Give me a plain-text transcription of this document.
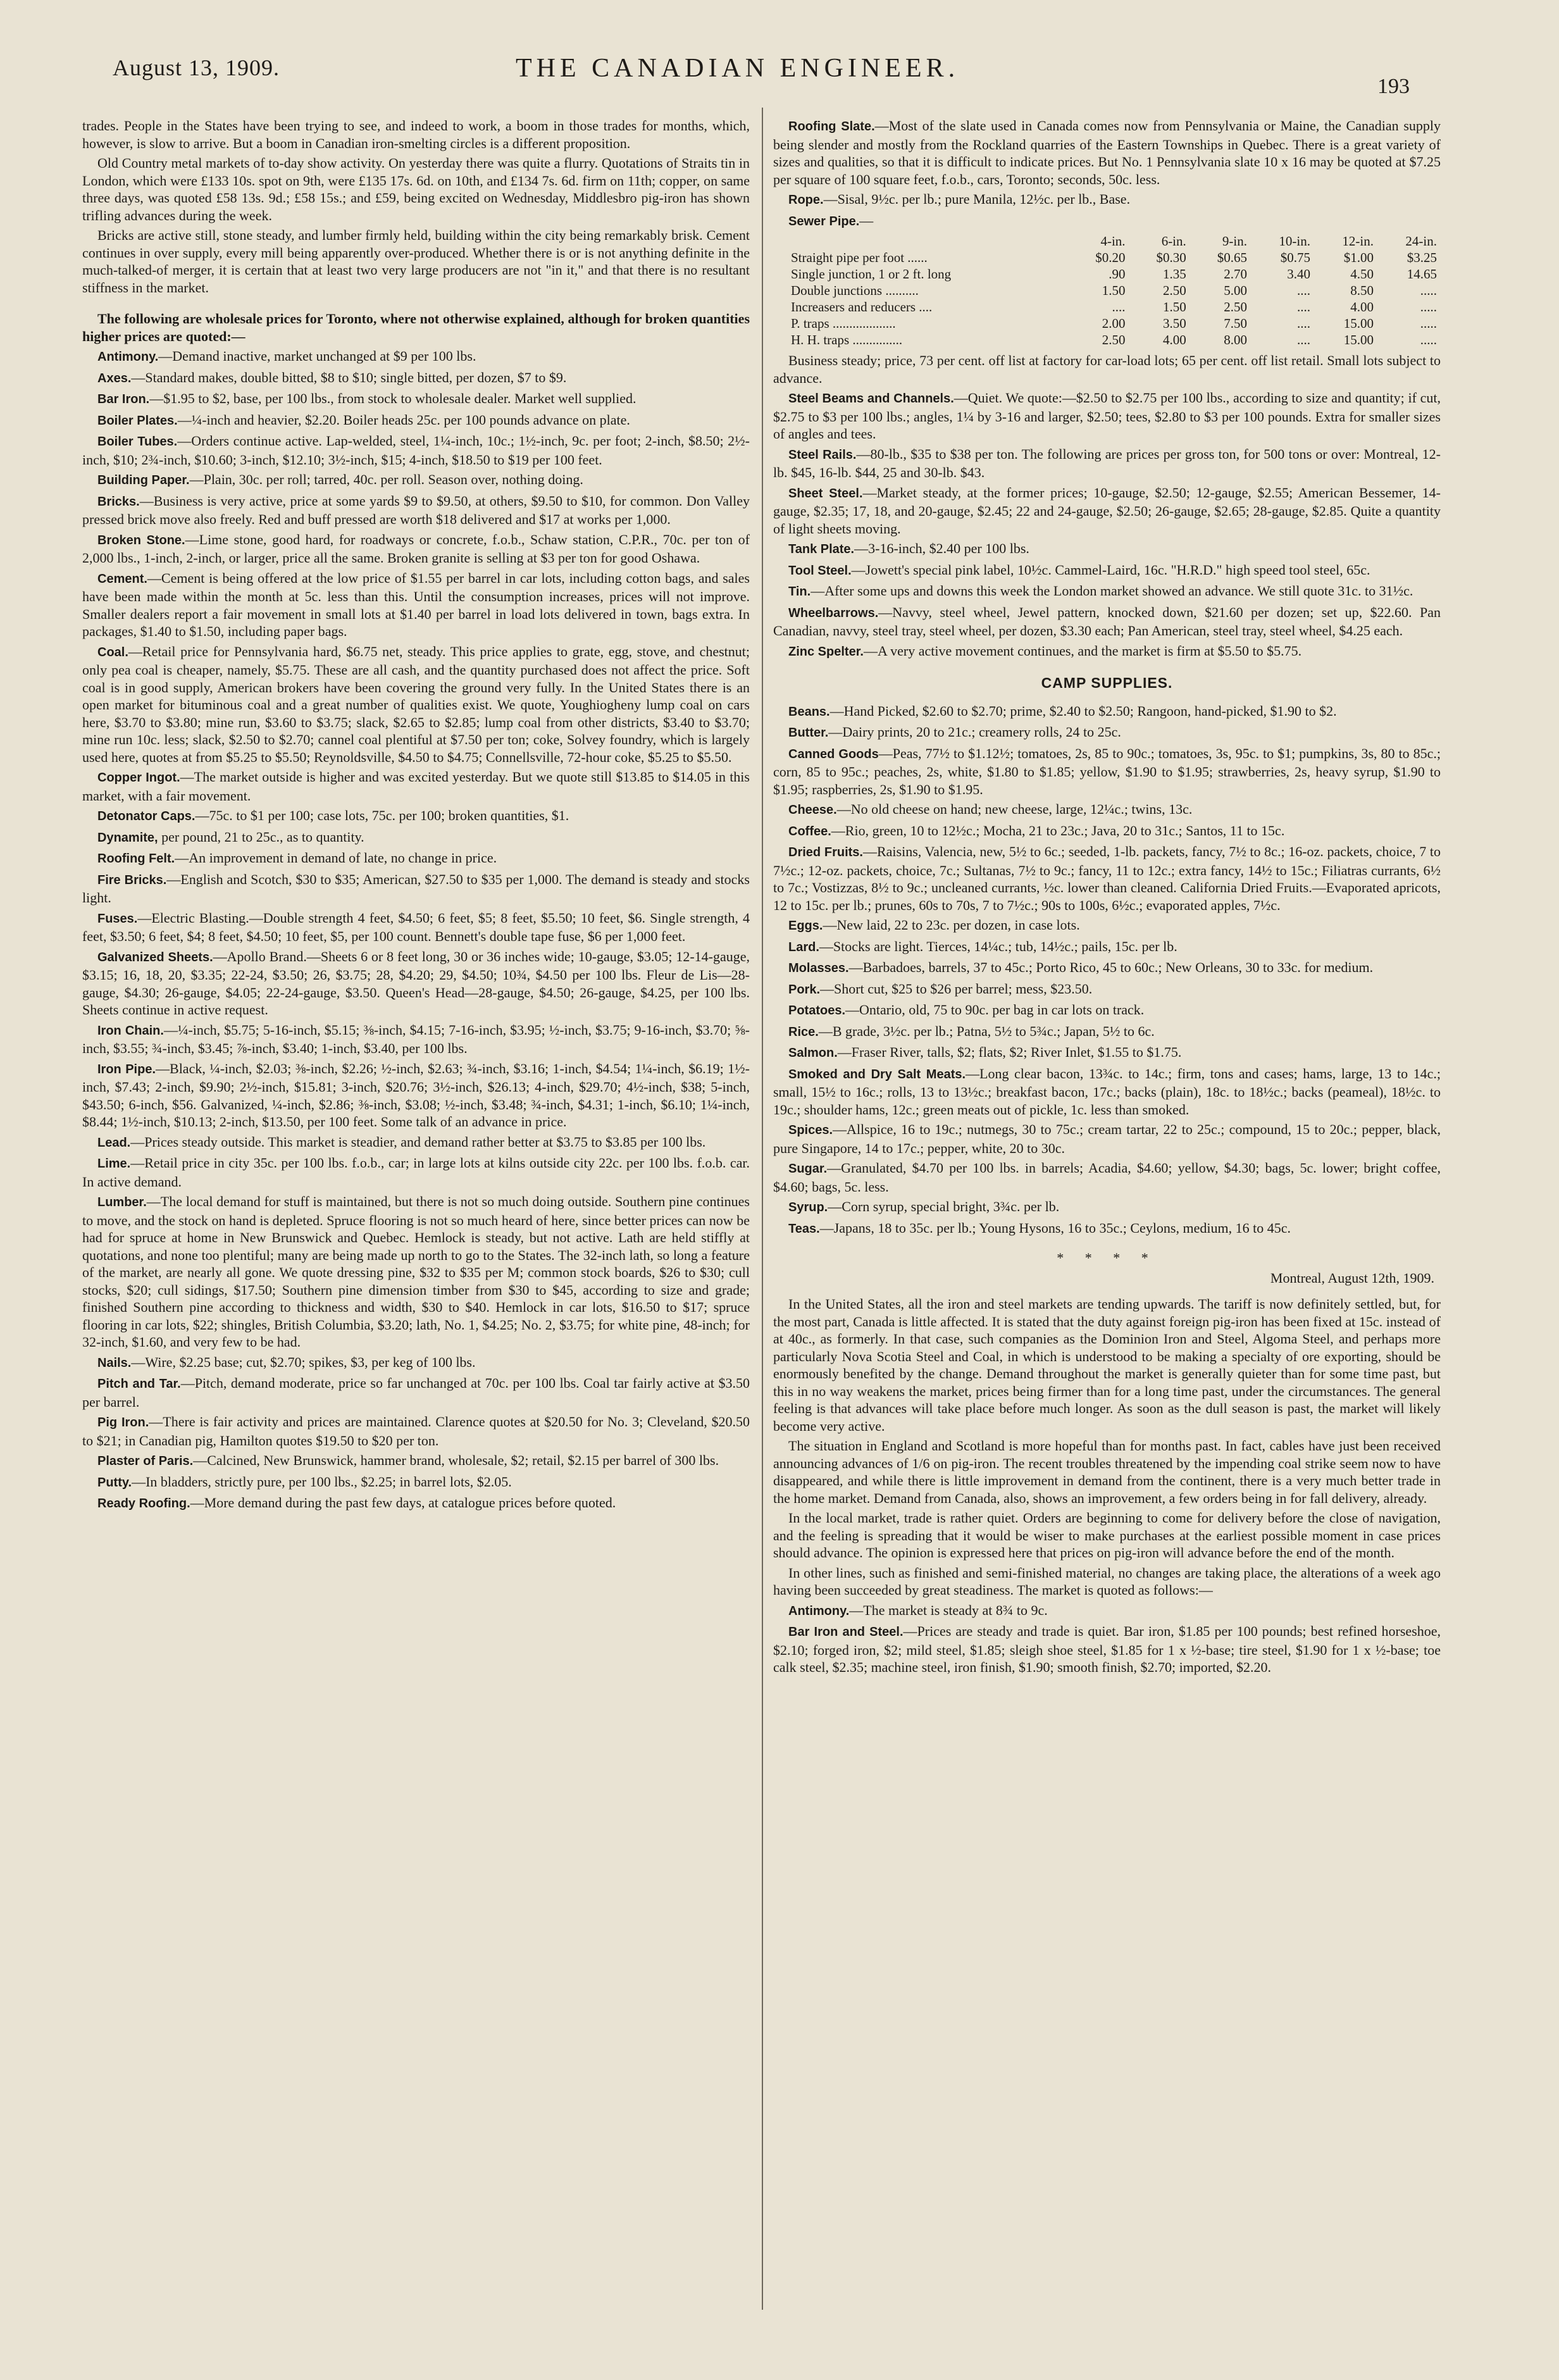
August 13, 1909.	THE CANADIAN ENGINEER.
193

trades. People in the States have been trying to see, and indeed to work, a boom in those trades for months, which, however, is slow to arrive. But a boom in Canadian iron-smelting circles is a different proposition.

Old Country metal markets of to-day show activity. On yesterday there was quite a flurry. Quotations of Straits tin in London, which were £133 10s. spot on 9th, were £135 17s. 6d. on 10th, and £134 7s. 6d. firm on 11th; copper, on same three days, was quoted £58 13s. 9d.; £58 15s.; and £59, being excited on Wednesday, Middlesbro pig-iron has shown trifling advances during the week.

Bricks are active still, stone steady, and lumber firmly held, building within the city being remarkably brisk. Cement continues in over supply, every mill being apparently over-produced. Whether there is or is not anything definite in the much-talked-of merger, it is certain that at least two very large producers are not "in it," and that there is no resultant stiffness in the market.

The following are wholesale prices for Toronto, where not otherwise explained, although for broken quantities higher prices are quoted:—

Antimony.—Demand inactive, market unchanged at $9 per 100 lbs.

Axes.—Standard makes, double bitted, $8 to $10; single bitted, per dozen, $7 to $9.

Bar Iron.—$1.95 to $2, base, per 100 lbs., from stock to wholesale dealer. Market well supplied.

Boiler Plates.—¼-inch and heavier, $2.20. Boiler heads 25c. per 100 pounds advance on plate.

Boiler Tubes.—Orders continue active. Lap-welded, steel, 1¼-inch, 10c.; 1½-inch, 9c. per foot; 2-inch, $8.50; 2½-inch, $10; 2¾-inch, $10.60; 3-inch, $12.10; 3½-inch, $15; 4-inch, $18.50 to $19 per 100 feet.

Building Paper.—Plain, 30c. per roll; tarred, 40c. per roll. Season over, nothing doing.

Bricks.—Business is very active, price at some yards $9 to $9.50, at others, $9.50 to $10, for common. Don Valley pressed brick move also freely. Red and buff pressed are worth $18 delivered and $17 at works per 1,000.

Broken Stone.—Lime stone, good hard, for roadways or concrete, f.o.b., Schaw station, C.P.R., 70c. per ton of 2,000 lbs., 1-inch, 2-inch, or larger, price all the same. Broken granite is selling at $3 per ton for good Oshawa.

Cement.—Cement is being offered at the low price of $1.55 per barrel in car lots, including cotton bags, and sales have been made within the month at 5c. less than this. Until the consumption increases, prices will not improve. Smaller dealers report a fair movement in small lots at $1.40 per barrel in load lots delivered in town, bags extra. In packages, $1.40 to $1.50, including paper bags.

Coal.—Retail price for Pennsylvania hard, $6.75 net, steady. This price applies to grate, egg, stove, and chestnut; only pea coal is cheaper, namely, $5.75. These are all cash, and the quantity purchased does not affect the price. Soft coal is in good supply, American brokers have been covering the ground very fully. In the United States there is an open market for bituminous coal and a great number of qualities exist. We quote, Youghiogheny lump coal on cars here, $3.70 to $3.80; mine run, $3.60 to $3.75; slack, $2.65 to $2.85; lump coal from other districts, $3.40 to $3.70; mine run 10c. less; slack, $2.50 to $2.70; cannel coal plentiful at $7.50 per ton; coke, Solvey foundry, which is largely used here, quotes at from $5.25 to $5.50; Reynoldsville, $4.50 to $4.75; Connellsville, 72-hour coke, $5.25 to $5.50.

Copper Ingot.—The market outside is higher and was excited yesterday. But we quote still $13.85 to $14.05 in this market, with a fair movement.

Detonator Caps.—75c. to $1 per 100; case lots, 75c. per 100; broken quantities, $1.

Dynamite, per pound, 21 to 25c., as to quantity.

Roofing Felt.—An improvement in demand of late, no change in price.

Fire Bricks.—English and Scotch, $30 to $35; American, $27.50 to $35 per 1,000. The demand is steady and stocks light.

Fuses.—Electric Blasting.—Double strength 4 feet, $4.50; 6 feet, $5; 8 feet, $5.50; 10 feet, $6. Single strength, 4 feet, $3.50; 6 feet, $4; 8 feet, $4.50; 10 feet, $5, per 100 count. Bennett's double tape fuse, $6 per 1,000 feet.

Galvanized Sheets.—Apollo Brand.—Sheets 6 or 8 feet long, 30 or 36 inches wide; 10-gauge, $3.05; 12-14-gauge, $3.15; 16, 18, 20, $3.35; 22-24, $3.50; 26, $3.75; 28, $4.20; 29, $4.50; 10¾, $4.50 per 100 lbs. Fleur de Lis—28-gauge, $4.30; 26-gauge, $4.05; 22-24-gauge, $3.50. Queen's Head—28-gauge, $4.50; 26-gauge, $4.25, per 100 lbs. Sheets continue in active request.

Iron Chain.—¼-inch, $5.75; 5-16-inch, $5.15; ⅜-inch, $4.15; 7-16-inch, $3.95; ½-inch, $3.75; 9-16-inch, $3.70; ⅝-inch, $3.55; ¾-inch, $3.45; ⅞-inch, $3.40; 1-inch, $3.40, per 100 lbs.

Iron Pipe.—Black, ¼-inch, $2.03; ⅜-inch, $2.26; ½-inch, $2.63; ¾-inch, $3.16; 1-inch, $4.54; 1¼-inch, $6.19; 1½-inch, $7.43; 2-inch, $9.90; 2½-inch, $15.81; 3-inch, $20.76; 3½-inch, $26.13; 4-inch, $29.70; 4½-inch, $38; 5-inch, $43.50; 6-inch, $56. Galvanized, ¼-inch, $2.86; ⅜-inch, $3.08; ½-inch, $3.48; ¾-inch, $4.31; 1-inch, $6.10; 1¼-inch, $8.44; 1½-inch, $10.13; 2-inch, $13.50, per 100 feet. Some talk of an advance in price.

Lead.—Prices steady outside. This market is steadier, and demand rather better at $3.75 to $3.85 per 100 lbs.

Lime.—Retail price in city 35c. per 100 lbs. f.o.b., car; in large lots at kilns outside city 22c. per 100 lbs. f.o.b. car. In active demand.

Lumber.—The local demand for stuff is maintained, but there is not so much doing outside. Southern pine continues to move, and the stock on hand is depleted. Spruce flooring is not so much heard of here, since better prices can now be had for spruce at home in New Brunswick and Quebec. Hemlock is steady, but not active. Lath are held stiffly at quotations, and none too plentiful; many are being made up north to go to the States. The 32-inch lath, so long a feature of the market, are nearly all gone. We quote dressing pine, $32 to $35 per M; common stock boards, $26 to $30; cull stocks, $20; cull sidings, $17.50; Southern pine dimension timber from $30 to $45, according to size and grade; finished Southern pine according to thickness and width, $30 to $40. Hemlock in car lots, $16.50 to $17; spruce flooring in car lots, $22; shingles, British Columbia, $3.20; lath, No. 1, $4.25; No. 2, $3.75; for white pine, 48-inch; for 32-inch, $1.60, and very few to be had.

Nails.—Wire, $2.25 base; cut, $2.70; spikes, $3, per keg of 100 lbs.

Pitch and Tar.—Pitch, demand moderate, price so far unchanged at 70c. per 100 lbs. Coal tar fairly active at $3.50 per barrel.

Pig Iron.—There is fair activity and prices are maintained. Clarence quotes at $20.50 for No. 3; Cleveland, $20.50 to $21; in Canadian pig, Hamilton quotes $19.50 to $20 per ton.

Plaster of Paris.—Calcined, New Brunswick, hammer brand, wholesale, $2; retail, $2.15 per barrel of 300 lbs.

Putty.—In bladders, strictly pure, per 100 lbs., $2.25; in barrel lots, $2.05.

Ready Roofing.—More demand during the past few days, at catalogue prices before quoted.

Roofing Slate.—Most of the slate used in Canada comes now from Pennsylvania or Maine, the Canadian supply being slender and mostly from the Rockland quarries of the Eastern Townships in Quebec. There is a great variety of sizes and qualities, so that it is difficult to indicate prices. But No. 1 Pennsylvania slate 10 x 16 may be quoted at $7.25 per square of 100 square feet, f.o.b., cars, Toronto; seconds, 50c. less.

Rope.—Sisal, 9½c. per lb.; pure Manila, 12½c. per lb., Base.

Sewer Pipe.—

	4-in.	6-in.	9-in.	10-in.	12-in.	24-in.
Straight pipe per foot ......	$0.20	$0.30	$0.65	$0.75	$1.00	$3.25
Single junction, 1 or 2 ft. long	.90	1.35	2.70	3.40	4.50	14.65
Double junctions ..........	1.50	2.50	5.00	....	8.50	.....
Increasers and reducers ....	....	1.50	2.50	....	4.00	.....
P. traps ...................	2.00	3.50	7.50	....	15.00	.....
H. H. traps ...............	2.50	4.00	8.00	....	15.00	.....

Business steady; price, 73 per cent. off list at factory for car-load lots; 65 per cent. off list retail. Small lots subject to advance.

Steel Beams and Channels.—Quiet. We quote:—$2.50 to $2.75 per 100 lbs., according to size and quantity; if cut, $2.75 to $3 per 100 lbs.; angles, 1¼ by 3-16 and larger, $2.50; tees, $2.80 to $3 per 100 pounds. Extra for smaller sizes of angles and tees.

Steel Rails.—80-lb., $35 to $38 per ton. The following are prices per gross ton, for 500 tons or over: Montreal, 12-lb. $45, 16-lb. $44, 25 and 30-lb. $43.

Sheet Steel.—Market steady, at the former prices; 10-gauge, $2.50; 12-gauge, $2.55; American Bessemer, 14-gauge, $2.35; 17, 18, and 20-gauge, $2.45; 22 and 24-gauge, $2.50; 26-gauge, $2.65; 28-gauge, $2.85. Quite a quantity of light sheets moving.

Tank Plate.—3-16-inch, $2.40 per 100 lbs.

Tool Steel.—Jowett's special pink label, 10½c. Cammel-Laird, 16c. "H.R.D." high speed tool steel, 65c.

Tin.—After some ups and downs this week the London market showed an advance. We still quote 31c. to 31½c.

Wheelbarrows.—Navvy, steel wheel, Jewel pattern, knocked down, $21.60 per dozen; set up, $22.60. Pan Canadian, navvy, steel tray, steel wheel, per dozen, $3.30 each; Pan American, steel tray, steel wheel, $4.25 each.

Zinc Spelter.—A very active movement continues, and the market is firm at $5.50 to $5.75.

CAMP SUPPLIES.

Beans.—Hand Picked, $2.60 to $2.70; prime, $2.40 to $2.50; Rangoon, hand-picked, $1.90 to $2.

Butter.—Dairy prints, 20 to 21c.; creamery rolls, 24 to 25c.

Canned Goods—Peas, 77½ to $1.12½; tomatoes, 2s, 85 to 90c.; tomatoes, 3s, 95c. to $1; pumpkins, 3s, 80 to 85c.; corn, 85 to 95c.; peaches, 2s, white, $1.80 to $1.85; yellow, $1.90 to $1.95; strawberries, 2s, heavy syrup, $1.90 to $1.95; raspberries, 2s, $1.90 to $1.95.

Cheese.—No old cheese on hand; new cheese, large, 12¼c.; twins, 13c.

Coffee.—Rio, green, 10 to 12½c.; Mocha, 21 to 23c.; Java, 20 to 31c.; Santos, 11 to 15c.

Dried Fruits.—Raisins, Valencia, new, 5½ to 6c.; seeded, 1-lb. packets, fancy, 7½ to 8c.; 16-oz. packets, choice, 7 to 7½c.; 12-oz. packets, choice, 7c.; Sultanas, 7½ to 9c.; fancy, 11 to 12c.; extra fancy, 14½ to 15c.; Filiatras currants, 6½ to 7c.; Vostizzas, 8½ to 9c.; uncleaned currants, ½c. lower than cleaned. California Dried Fruits.—Evaporated apricots, 12 to 15c. per lb.; prunes, 60s to 70s, 7 to 7½c.; 90s to 100s, 6½c.; evaporated apples, 7½c.

Eggs.—New laid, 22 to 23c. per dozen, in case lots.

Lard.—Stocks are light. Tierces, 14¼c.; tub, 14½c.; pails, 15c. per lb.

Molasses.—Barbadoes, barrels, 37 to 45c.; Porto Rico, 45 to 60c.; New Orleans, 30 to 33c. for medium.

Pork.—Short cut, $25 to $26 per barrel; mess, $23.50.

Potatoes.—Ontario, old, 75 to 90c. per bag in car lots on track.

Rice.—B grade, 3½c. per lb.; Patna, 5½ to 5¾c.; Japan, 5½ to 6c.

Salmon.—Fraser River, talls, $2; flats, $2; River Inlet, $1.55 to $1.75.

Smoked and Dry Salt Meats.—Long clear bacon, 13¾c. to 14c.; firm, tons and cases; hams, large, 13 to 14c.; small, 15½ to 16c.; rolls, 13 to 13½c.; breakfast bacon, 17c.; backs (plain), 18c. to 18½c.; backs (peameal), 18½c. to 19c.; shoulder hams, 12c.; green meats out of pickle, 1c. less than smoked.

Spices.—Allspice, 16 to 19c.; nutmegs, 30 to 75c.; cream tartar, 22 to 25c.; compound, 15 to 20c.; pepper, black, pure Singapore, 14 to 17c.; pepper, white, 20 to 30c.

Sugar.—Granulated, $4.70 per 100 lbs. in barrels; Acadia, $4.60; yellow, $4.30; bags, 5c. lower; bright coffee, $4.60; bags, 5c. less.

Syrup.—Corn syrup, special bright, 3¾c. per lb.

Teas.—Japans, 18 to 35c. per lb.; Young Hysons, 16 to 35c.; Ceylons, medium, 16 to 45c.

* * * *
Montreal, August 12th, 1909.

In the United States, all the iron and steel markets are tending upwards. The tariff is now definitely settled, but, for the most part, Canada is little affected. It is stated that the duty against foreign pig-iron has been fixed at 15c. instead of at 40c., as formerly. In that case, such companies as the Dominion Iron and Steel, Algoma Steel, and perhaps more particularly Nova Scotia Steel and Coal, in which is understood to be making a specialty of ore exporting, should be enormously benefited by the change. Demand throughout the market is generally quieter than for some time past, but this in no way weakens the market, prices being firmer than for a long time past, under the circumstances. The general feeling is that advances will take place before much longer. As soon as the dull season is past, the market will likely become very active.

The situation in England and Scotland is more hopeful than for months past. In fact, cables have just been received announcing advances of 1/6 on pig-iron. The recent troubles threatened by the impending coal strike seem now to have disappeared, and while there is little improvement in demand from the continent, there is a very much better trade in the home market. Demand from Canada, also, shows an improvement, a few orders being in for fall delivery, already.

In the local market, trade is rather quiet. Orders are beginning to come for delivery before the close of navigation, and the feeling is spreading that it would be wiser to make purchases at the earliest possible moment in case prices should advance. The opinion is expressed here that prices on pig-iron will advance before the end of the month.

In other lines, such as finished and semi-finished material, no changes are taking place, the alterations of a week ago having been succeeded by great steadiness. The market is quoted as follows:—

Antimony.—The market is steady at 8¾ to 9c.

Bar Iron and Steel.—Prices are steady and trade is quiet. Bar iron, $1.85 per 100 pounds; best refined horseshoe, $2.10; forged iron, $2; mild steel, $1.85; sleigh shoe steel, $1.85 for 1 x ½-base; tire steel, $1.90 for 1 x ½-base; toe calk steel, $2.35; machine steel, iron finish, $1.90; smooth finish, $2.70; imported, $2.20.
